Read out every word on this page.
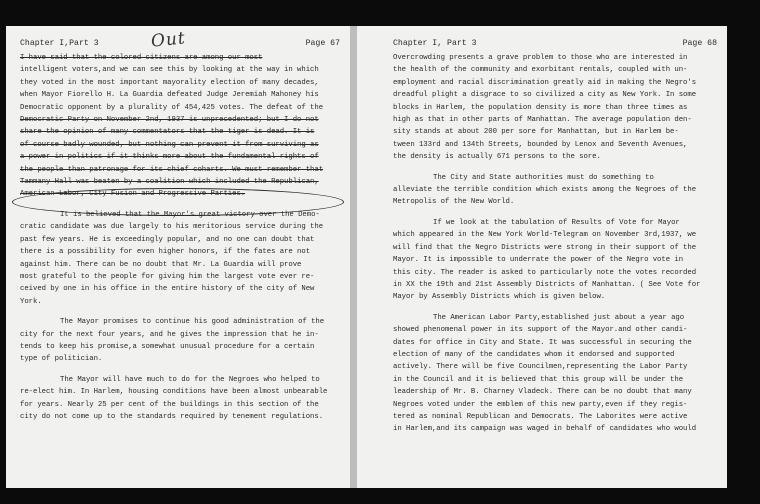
Chapter I,Part 3	Page 67
Out
I have said that the colored citizens are among our most
intelligent voters,and we can see this by looking at the way in which
they voted in the most important mayorality election of many decades,
when Mayor Fiorello H. La Guardia defeated Judge Jeremiah Mahoney his
Democratic opponent by a plurality of 454,425 votes. The defeat of the
Democratic Party on November 2nd, 1937 is unprecedented; but I do not
share the opinion of many commentators that the tiger is dead. It is
of course badly wounded, but nothing can prevent it from surviving as
a power in politics if it thinks more about the fundamental rights of
the people than patronage for its chief coharts. We must remember that
Tammany Hall was beaten by a coalition which included the Republican,
American Labor, City Fusion and Progressive Parties.
It is believed that the Mayor's great victory over the Demo-
cratic candidate was due largely to his meritorious service during the
past few years. He is exceedingly popular, and no one can doubt that
there is a possibility for even higher honors, if the fates are not
against him. There can be no doubt that Mr. La Guardia will prove
most grateful to the people for giving him the largest vote ever re-
ceived by one in his office in the entire history of the city of New
York.
The Mayor promises to continue his good administration of the
city for the next four years, and he gives the impression that he in-
tends to keep his promise,a somewhat unusual procedure for a certain
type of politician.
The Mayor will have much to do for the Negroes who helped to
re-elect him. In Harlem, housing conditions have been almost unbearable
for years. Nearly 25 per cent of the buildings in this section of the
city do not come up to the standards required by tenement regulations.
Chapter I, Part 3	Page 68
Overcrowding presents a grave problem to those who are interested in
the health of the community and exorbitant rentals, coupled with un-
employment and racial discrimination greatly aid in making the Negro's
dreadful plight a disgrace to so civilized a city as New York. In some
blocks in Harlem, the population density is more than three times as
high as that in other parts of Manhattan. The average population den-
sity stands at about 200 per sore for Manhattan, but in Harlem be-
tween 133rd and 134th Streets, bounded by Lenox and Seventh Avenues,
the density is actually 671 persons to the sore.
The City and State authorities must do something to
alleviate the terrible condition which exists among the Negroes of the
Metropolis of the New World.
If we look at the tabulation of Results of Vote for Mayor
which appeared in the New York World-Telegram on November 3rd,1937, we
will find that the Negro Districts were strong in their support of the
Mayor. It is impossible to underrate the power of the Negro vote in
this city. The reader is asked to particularly note the votes recorded
in XX the 19th and 21st Assembly Districts of Manhattan. ( See Vote for
Mayor by Assembly Districts which is given below.
The American Labor Party,established just about a year ago
showed phenomenal power in its support of the Mayor.and other candi-
dates for office in City and State. It was successful in securing the
election of many of the candidates whom it endorsed and supported
actively. There will be five Councilmen,representing the Labor Party
in the Council and it is believed that this group will be under the
leadership of Mr. B. Charney Vladeck. There can be no doubt that many
Negroes voted under the emblem of this new party,even if they regis-
tered as nominal Republican and Democrats. The Laborites were active
in Harlem,and its campaign was waged in behalf of candidates who would
